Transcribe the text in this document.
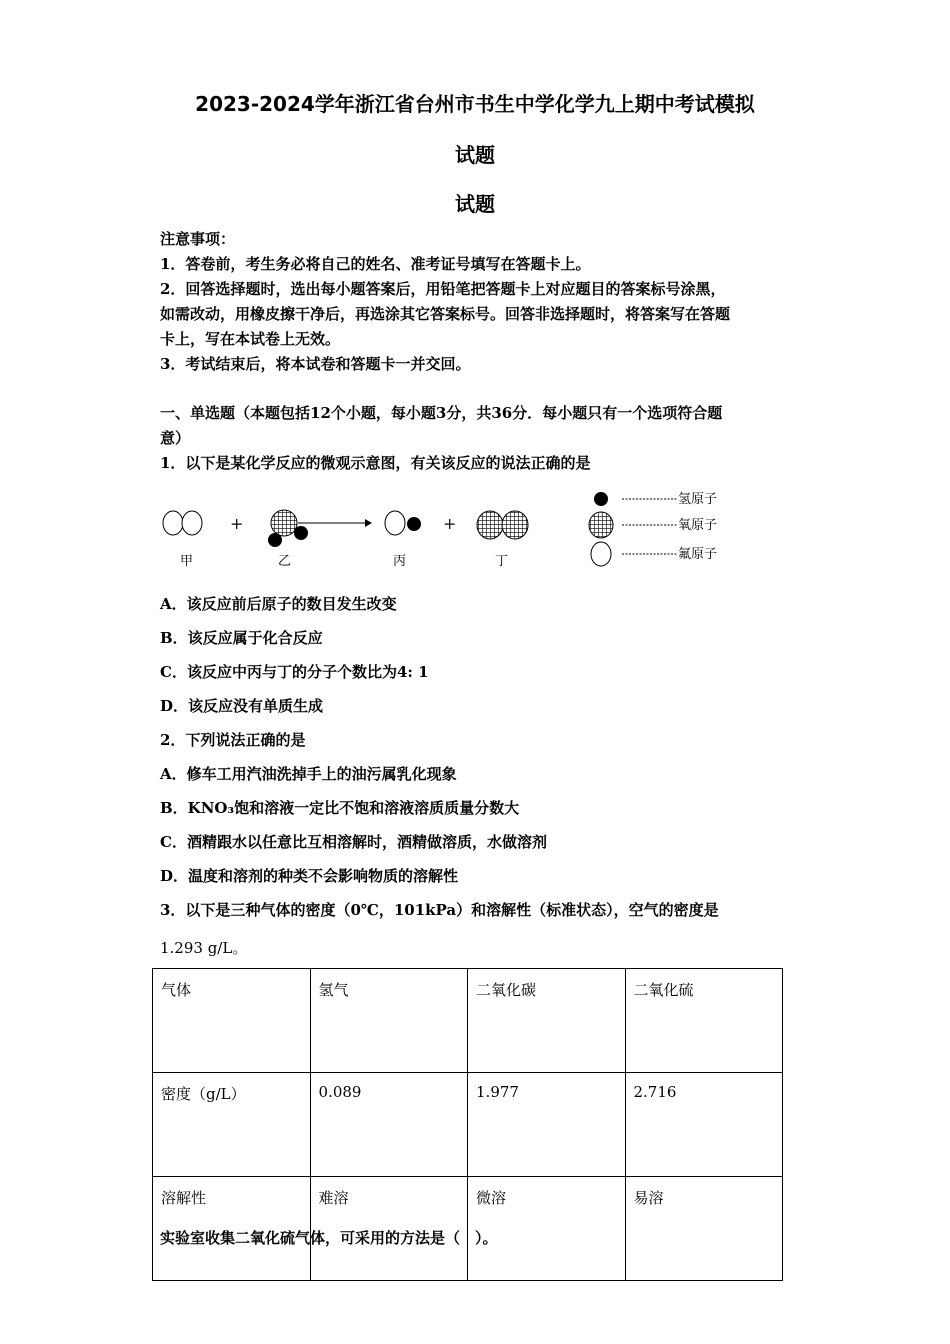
2023-2024学年浙江省台州市书生中学化学九上期中考试模拟
试题
试题
注意事项：
1．答卷前，考生务必将自己的姓名、准考证号填写在答题卡上。
2．回答选择题时，选出每小题答案后，用铅笔把答题卡上对应题目的答案标号涂黑，
如需改动，用橡皮擦干净后，再选涂其它答案标号。回答非选择题时，将答案写在答题
卡上，写在本试卷上无效。
3．考试结束后，将本试卷和答题卡一并交回。
一、单选题（本题包括12个小题，每小题3分，共36分．每小题只有一个选项符合题
意）
1．以下是某化学反应的微观示意图，有关该反应的说法正确的是
+	+
甲	乙	丙	丁
氢原子
氧原子
氟原子
A．该反应前后原子的数目发生改变
B．该反应属于化合反应
C．该反应中丙与丁的分子个数比为4: 1
D．该反应没有单质生成
2．下列说法正确的是
A．修车工用汽油洗掉手上的油污属乳化现象
B．KNO₃饱和溶液一定比不饱和溶液溶质质量分数大
C．酒精跟水以任意比互相溶解时，酒精做溶质，水做溶剂
D．温度和溶剂的种类不会影响物质的溶解性
3．以下是三种气体的密度（0℃，101kPa）和溶解性（标准状态），空气的密度是
1.293 g/L。
气体	氢气	二氧化碳	二氧化硫
密度（g/L）	0.089	1.977	2.716
溶解性	难溶	微溶	易溶
实验室收集二氧化硫气体，可采用的方法是（　）。
